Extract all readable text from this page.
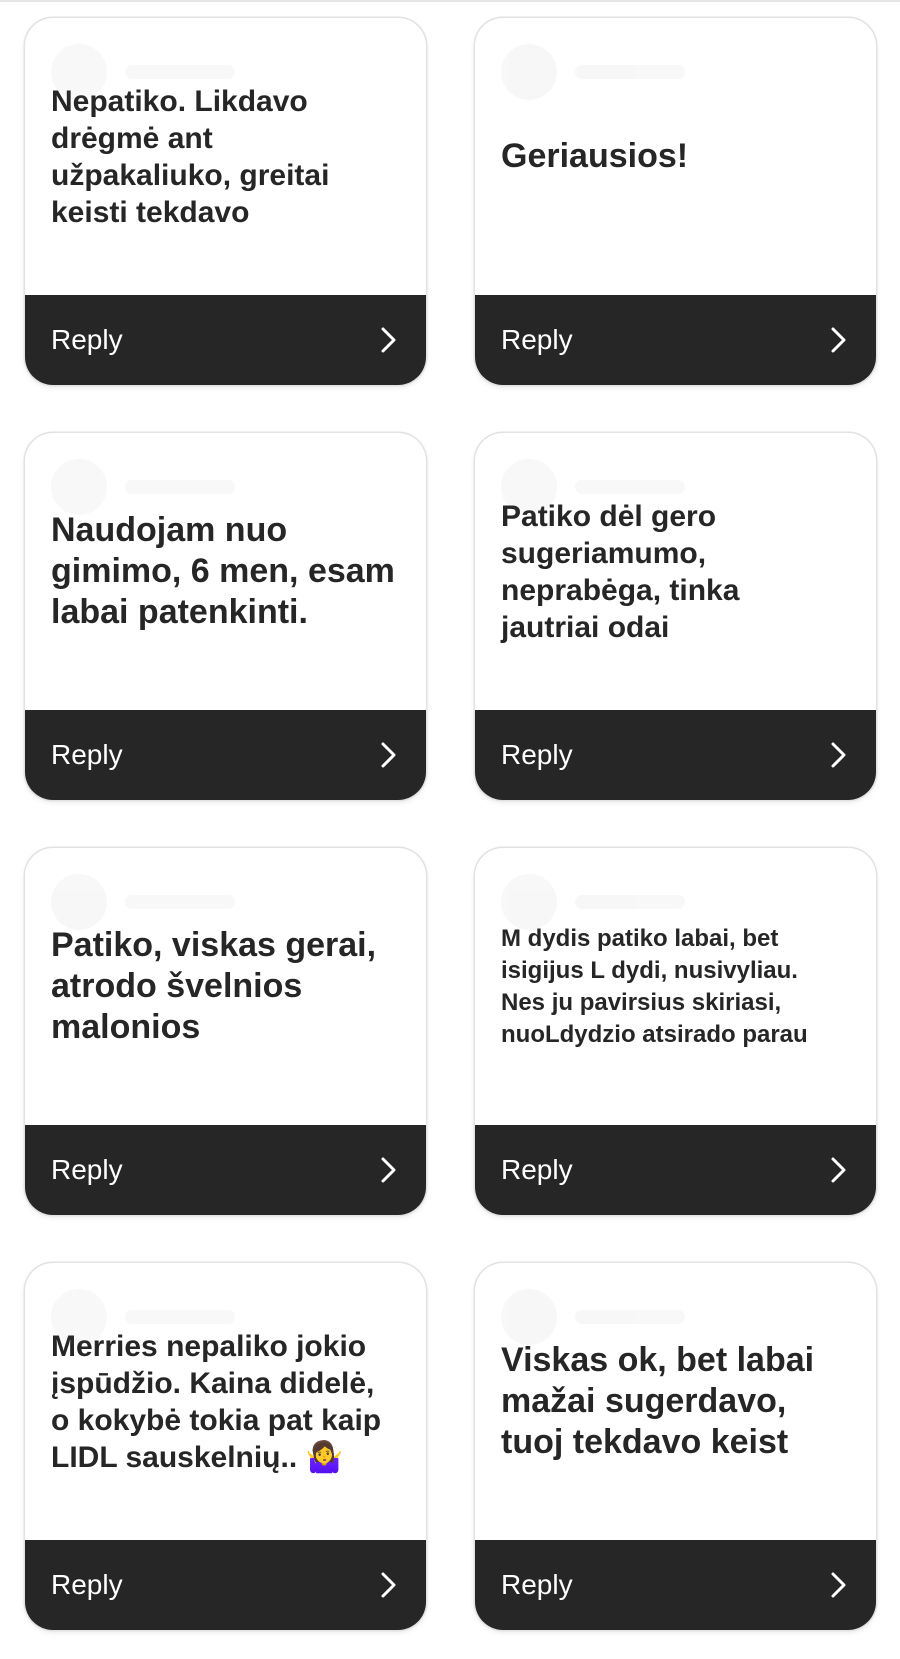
Nepatiko. Likdavo
drėgmė ant
užpakaliuko, greitai
keisti tekdavo

Reply

Geriausios!

Reply

Naudojam nuo
gimimo, 6 men, esam
labai patenkinti.

Reply

Patiko dėl gero
sugeriamumo,
neprabėga, tinka
jautriai odai

Reply

Patiko, viskas gerai,
atrodo švelnios
malonios

Reply

M dydis patiko labai, bet
isigijus L dydi, nusivyliau.
Nes ju pavirsius skiriasi,
nuoLdydzio atsirado parau

Reply

Merries nepaliko jokio
įspūdžio. Kaina didelė,
o kokybė tokia pat kaip
LIDL sauskelnių.. 🤷‍♀️

Reply

Viskas ok, bet labai
mažai sugerdavo,
tuoj tekdavo keist

Reply
